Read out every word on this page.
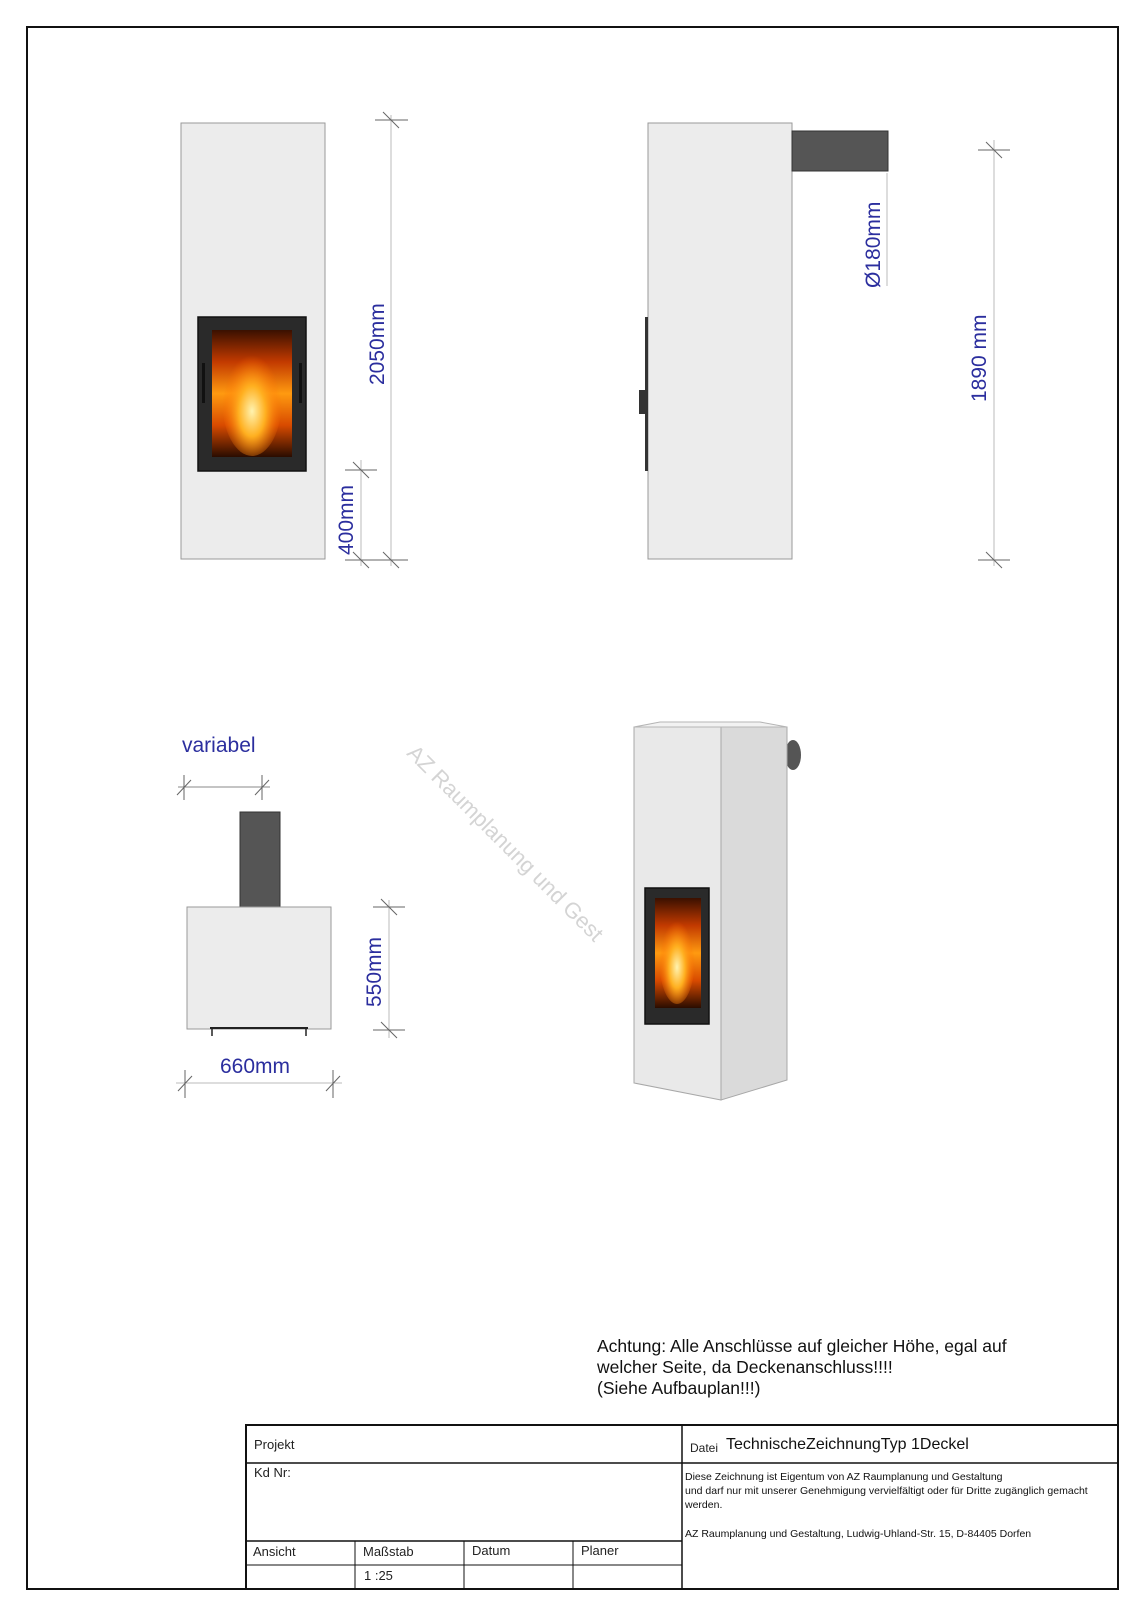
2050mm
400mm
Ø180mm
1890 mm
variabel
550mm
660mm
AZ Raumplanung und Gest
Achtung: Alle Anschlüsse auf gleicher Höhe, egal auf
welcher Seite, da Deckenanschluss!!!!
(Siehe Aufbauplan!!!)
Projekt
Kd Nr:
Ansicht	Maßstab
1 :25
Datum	Planer
Datei TechnischeZeichnungTyp 1Deckel
Diese Zeichnung ist Eigentum von AZ Raumplanung und Gestaltung
und darf nur mit unserer Genehmigung vervielfältigt oder für Dritte zugänglich gemacht
werden.
AZ Raumplanung und Gestaltung, Ludwig-Uhland-Str. 15, D-84405 Dorfen
